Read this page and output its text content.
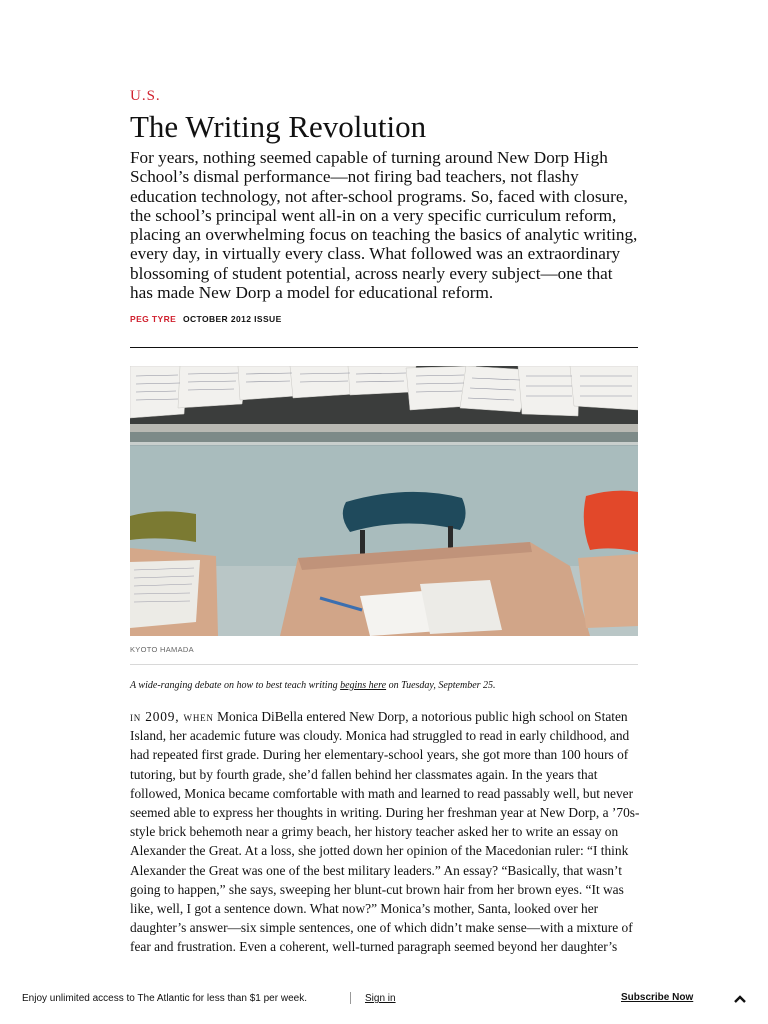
U.S.

The Writing Revolution

For years, nothing seemed capable of turning around New Dorp High School’s dismal performance—not firing bad teachers, not flashy education technology, not after-school programs. So, faced with closure, the school’s principal went all-in on a very specific curriculum reform, placing an overwhelming focus on teaching the basics of analytic writing, every day, in virtually every class. What followed was an extraordinary blossoming of student potential, across nearly every subject—one that has made New Dorp a model for educational reform.

PEG TYRE OCTOBER 2012 ISSUE
KYOTO HAMADA
A wide-ranging debate on how to best teach writing begins here on Tuesday, September 25.

in 2009, when Monica DiBella entered New Dorp, a notorious public high school on Staten Island, her academic future was cloudy. Monica had struggled to read in early childhood, and had repeated first grade. During her elementary-school years, she got more than 100 hours of tutoring, but by fourth grade, she’d fallen behind her classmates again. In the years that followed, Monica became comfortable with math and learned to read passably well, but never seemed able to express her thoughts in writing. During her freshman year at New Dorp, a ’70s-style brick behemoth near a grimy beach, her history teacher asked her to write an essay on Alexander the Great. At a loss, she jotted down her opinion of the Macedonian ruler: “I think Alexander the Great was one of the best military leaders.” An essay? “Basically, that wasn’t going to happen,” she says, sweeping her blunt-cut brown hair from her brown eyes. “It was like, well, I got a sentence down. What now?” Monica’s mother, Santa, looked over her daughter’s answer—six simple sentences, one of which didn’t make sense—with a mixture of fear and frustration. Even a coherent, well-turned paragraph seemed beyond her daughter’s

Enjoy unlimited access to The Atlantic for less than $1 per week.	Sign in	Subscribe Now
